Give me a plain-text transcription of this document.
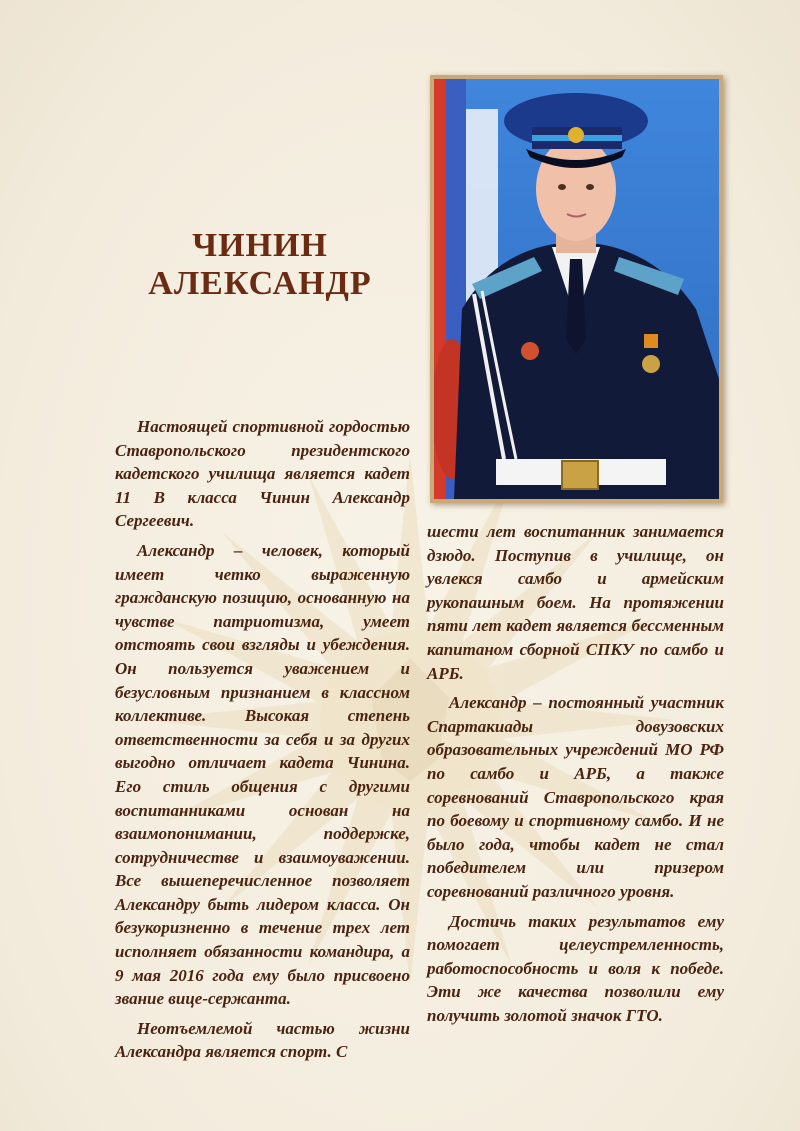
ЧИНИН
АЛЕКСАНДР

Настоящей спортивной гордостью Ставропольского президентского кадетского училища является кадет 11 В класса Чинин Александр Сергеевич.

Александр – человек, который имеет четко выраженную гражданскую позицию, основанную на чувстве патриотизма, умеет отстоять свои взгляды и убеждения. Он пользуется уважением и безусловным признанием в классном коллективе. Высокая степень ответственности за себя и за других выгодно отличает кадета Чинина. Его стиль общения с другими воспитанниками основан на взаимопонимании, поддержке, сотрудничестве и взаимоуважении. Все вышеперечисленное позволяет Александру быть лидером класса. Он безукоризненно в течение трех лет исполняет обязанности командира, а 9 мая 2016 года ему было присвоено звание вице-сержанта.

Неотъемлемой частью жизни Александра является спорт. С

шести лет воспитанник занимается дзюдо. Поступив в училище, он увлекся самбо и армейским рукопашным боем. На протяжении пяти лет кадет является бессменным капитаном сборной СПКУ по самбо и АРБ.

Александр – постоянный участник Спартакиады довузовских образовательных учреждений МО РФ по самбо и АРБ, а также соревнований Ставропольского края по боевому и спортивному самбо. И не было года, чтобы кадет не стал победителем или призером соревнований различного уровня.

Достичь таких результатов ему помогает целеустремленность, работоспособность и воля к победе. Эти же качества позволили ему получить золотой значок ГТО.
